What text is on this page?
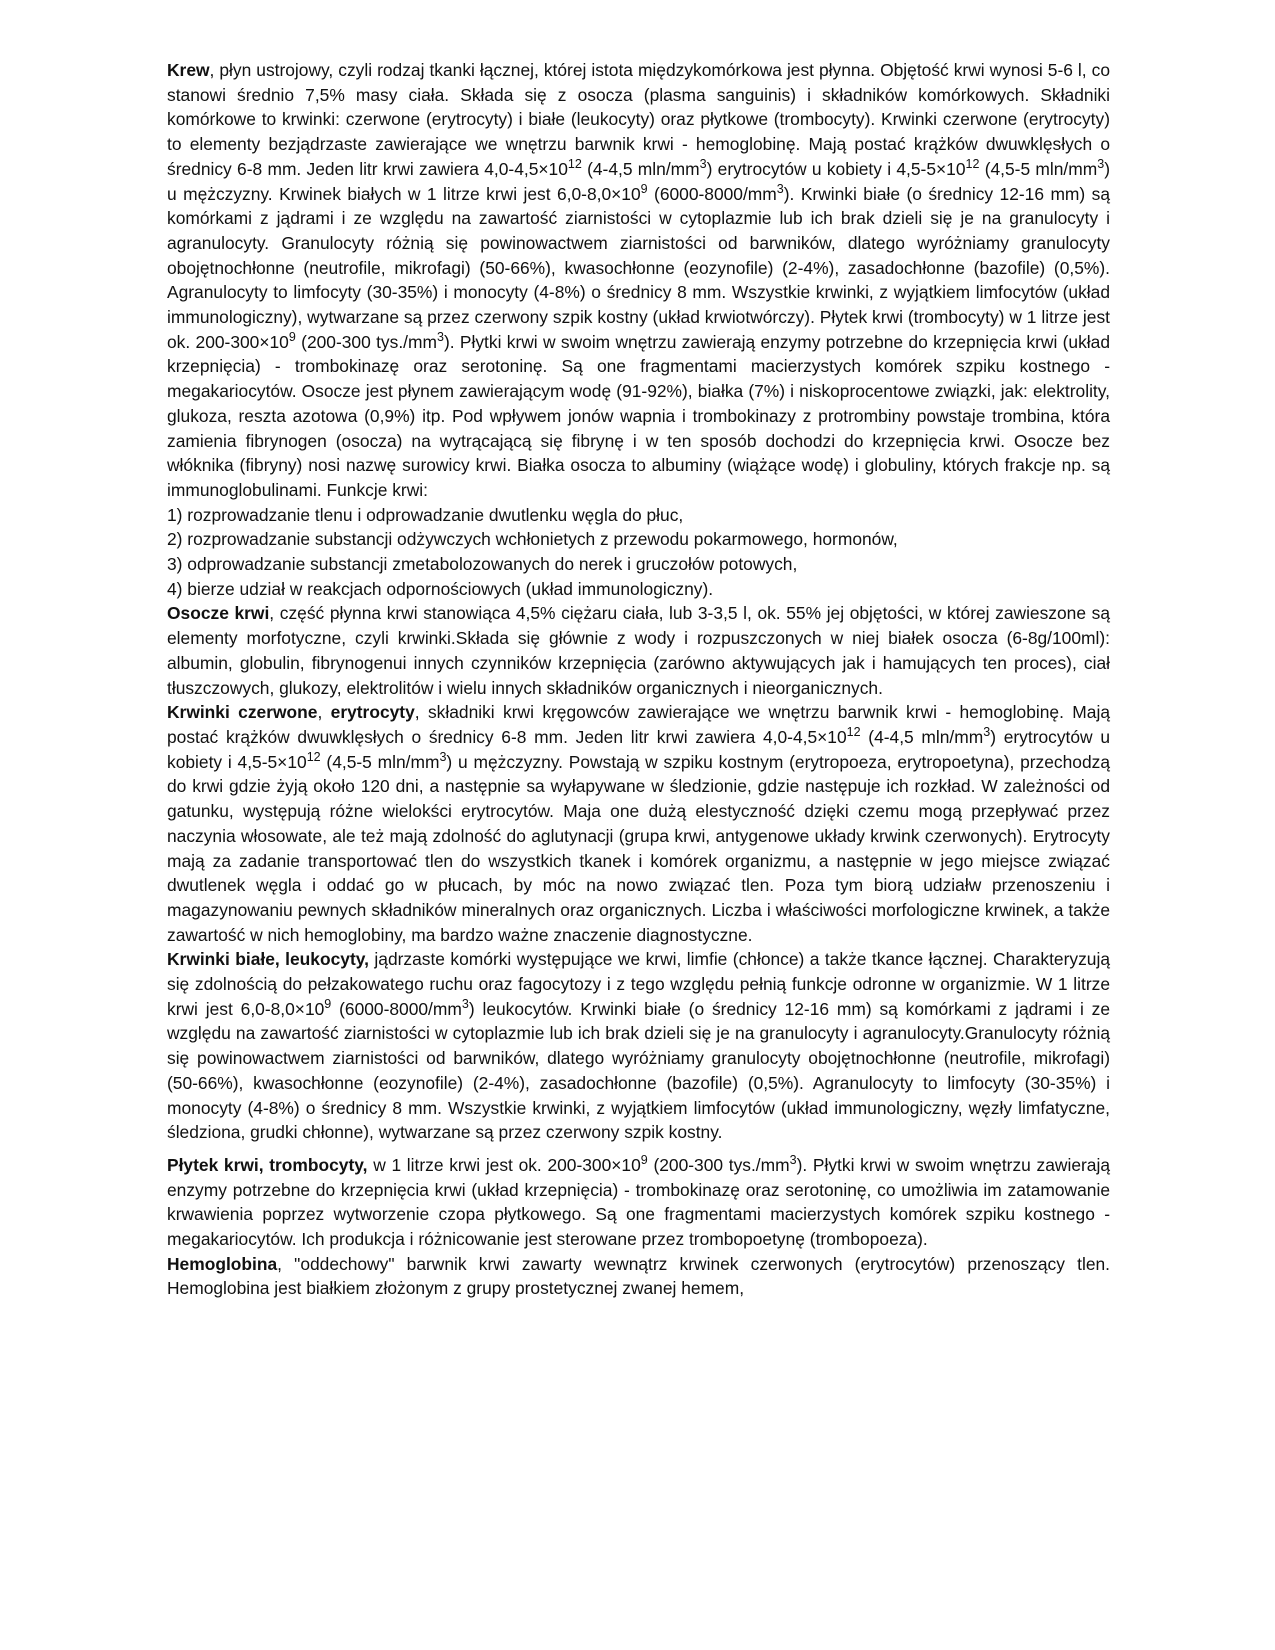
Krew, płyn ustrojowy, czyli rodzaj tkanki łącznej, której istota międzykomórkowa jest płynna. Objętość krwi wynosi 5-6 l, co stanowi średnio 7,5% masy ciała. Składa się z osocza (plasma sanguinis) i składników komórkowych. Składniki komórkowe to krwinki: czerwone (erytrocyty) i białe (leukocyty) oraz płytkowe (trombocyty). Krwinki czerwone (erytrocyty) to elementy bezjądrzaste zawierające we wnętrzu barwnik krwi - hemoglobinę. Mają postać krążków dwuwklęsłych o średnicy 6-8 mm. Jeden litr krwi zawiera $4,0-4,5\times 10^{12}$ (4-4,5 mln/$mm^3$) erytrocytów u kobiety i $4,5-5\times 10^{12}$ (4,5-5 mln/$mm^3$) u mężczyzny. Krwinek białych w 1 litrze krwi jest $6,0-8,0\times 10^9$ $(6000-8000/mm^3)$. Krwinki białe (o średnicy 12-16 mm) są komórkami z jądrami i ze względu na zawartość ziarnistości w cytoplazmie lub ich brak dzieli się je na granulocyty i agranulocyty. Granulocyty różnią się powinowactwem ziarnistości od barwników, dlatego wyróżniamy granulocyty obojętnochłonne (neutrofile, mikrofagi) (50-66%), kwasochłonne (eozynofile) (2-4%), zasadochłonne (bazofile) (0,5%). Agranulocyty to limfocyty (30-35%) i monocyty (4-8%) o średnicy 8 mm. Wszystkie krwinki, z wyjątkiem limfocytów (układ immunologiczny), wytwarzane są przez czerwony szpik kostny (układ krwiotwórczy). Płytek krwi (trombocyty) w 1 litrze jest ok. $200-300\times 10^9$ (200-300 $tys./mm^3$). Płytki krwi w swoim wnętrzu zawierają enzymy potrzebne do krzepnięcia krwi (układ krzepnięcia) - trombokinazę oraz serotoninę. Są one fragmentami macierzystych komórek szpiku kostnego - megakariocytów. Osocze jest płynem zawierającym wodę (91-92%), białka (7%) i niskoprocentowe związki, jak: elektrolity, glukoza, reszta azotowa (0,9%) itp. Pod wpływem jonów wapnia i trombokinazy z protrombiny powstaje trombina, która zamienia fibrynogen (osocza) na wytrącającą się fibrynę i w ten sposób dochodzi do krzepnięcia krwi. Osocze bez włóknika (fibryny) nosi nazwę surowicy krwi. Białka osocza to albuminy (wiążące wodę) i globuliny, których frakcje np. są immunoglobulinami. Funkcje krwi:

1) rozprowadzanie tlenu i odprowadzanie dwutlenku węgla do płuc,

2) rozprowadzanie substancji odżywczych wchłonietych z przewodu pokarmowego, hormonów,

3) odprowadzanie substancji zmetabolozowanych do nerek i gruczołów potowych,

4) bierze udział w reakcjach odpornościowych (układ immunologiczny).

Osocze krwi, część płynna krwi stanowiąca 4,5% ciężaru ciała, lub 3-3,5 l, ok. 55% jej objętości, w której zawieszone są elementy morfotyczne, czyli krwinki.Składa się głównie z wody i rozpuszczonych w niej białek osocza (6-8g/100ml): albumin, globulin, fibrynogenui innych czynników krzepnięcia (zarówno aktywujących jak i hamujących ten proces), ciał tłuszczowych, glukozy, elektrolitów i wielu innych składników organicznych i nieorganicznych.

Krwinki czerwone, erytrocyty, składniki krwi kręgowców zawierające we wnętrzu barwnik krwi - hemoglobinę. Mają postać krążków dwuwklęsłych o średnicy 6-8 mm. Jeden litr krwi zawiera $4,0-4,5\times 10^{12}$ (4-4,5 mln/$mm^3$) erytrocytów u kobiety i $4,5-5\times 10^{12}$ (4,5-5 mln/$mm^3$) u mężczyzny. Powstają w szpiku kostnym (erytropoeza, erytropoetyna), przechodzą do krwi gdzie żyją około 120 dni, a następnie sa wyłapywane w śledzionie, gdzie następuje ich rozkład. W zależności od gatunku, występują różne wielokści erytrocytów. Maja one dużą elestyczność dzięki czemu mogą przepływać przez naczynia włosowate, ale też mają zdolność do aglutynacji (grupa krwi, antygenowe układy krwink czerwonych). Erytrocyty mają za zadanie transportować tlen do wszystkich tkanek i komórek organizmu, a następnie w jego miejsce związać dwutlenek węgla i oddać go w płucach, by móc na nowo związać tlen. Poza tym biorą udziałw przenoszeniu i magazynowaniu pewnych składników mineralnych oraz organicznych. Liczba i właściwości morfologiczne krwinek, a także zawartość w nich hemoglobiny, ma bardzo ważne znaczenie diagnostyczne.

Krwinki białe, leukocyty, jądrzaste komórki występujące we krwi, limfie (chłonce) a także tkance łącznej. Charakteryzują się zdolnością do pełzakowatego ruchu oraz fagocytozy i z tego względu pełnią funkcje odronne w organizmie. W 1 litrze krwi jest $6,0-8,0\times 10^9$ $(6000-8000/mm^3)$ leukocytów. Krwinki białe (o średnicy 12-16 mm) są komórkami z jądrami i ze względu na zawartość ziarnistości w cytoplazmie lub ich brak dzieli się je na granulocyty i agranulocyty.Granulocyty różnią się powinowactwem ziarnistości od barwników, dlatego wyróżniamy granulocyty obojętnochłonne (neutrofile, mikrofagi) (50-66%), kwasochłonne (eozynofile) (2-4%), zasadochłonne (bazofile) (0,5%). Agranulocyty to limfocyty (30-35%) i monocyty (4-8%) o średnicy 8 mm. Wszystkie krwinki, z wyjątkiem limfocytów (układ immunologiczny, węzły limfatyczne, śledziona, grudki chłonne), wytwarzane są przez czerwony szpik kostny.

Płytek krwi, trombocyty, w 1 litrze krwi jest ok. $200-300\times 10^9$ (200-300 $tys./mm^3$). Płytki krwi w swoim wnętrzu zawierają enzymy potrzebne do krzepnięcia krwi (układ krzepnięcia) - trombokinazę oraz serotoninę, co umożliwia im zatamowanie krwawienia poprzez wytworzenie czopa płytkowego. Są one fragmentami macierzystych komórek szpiku kostnego - megakariocytów. Ich produkcja i różnicowanie jest sterowane przez trombopoetynę (trombopoeza).

Hemoglobina, "oddechowy" barwnik krwi zawarty wewnątrz krwinek czerwonych (erytrocytów) przenoszący tlen. Hemoglobina jest białkiem złożonym z grupy prostetycznej zwanej hemem,
